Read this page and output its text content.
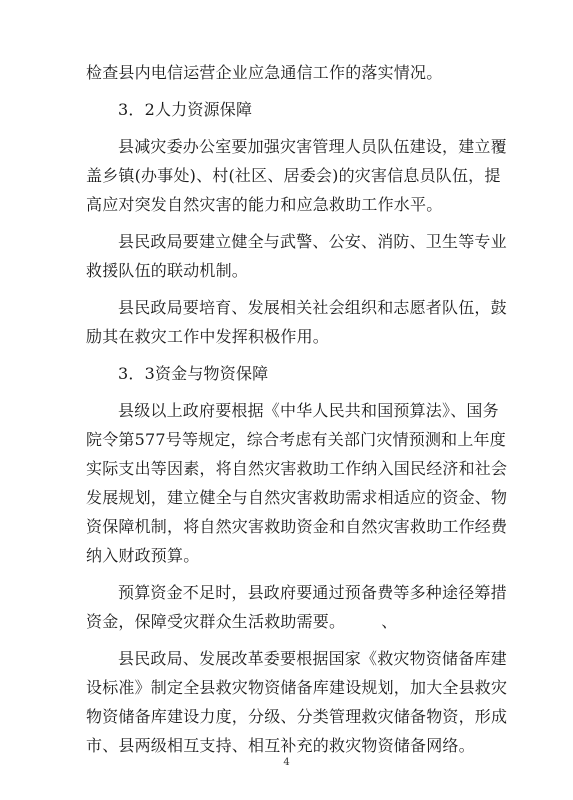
检查县内电信运营企业应急通信工作的落实情况。
3．2人力资源保障
县减灾委办公室要加强灾害管理人员队伍建设，建立覆
盖乡镇(办事处)、村(社区、居委会)的灾害信息员队伍，提
高应对突发自然灾害的能力和应急救助工作水平。
县民政局要建立健全与武警、公安、消防、卫生等专业
救援队伍的联动机制。
县民政局要培育、发展相关社会组织和志愿者队伍，鼓
励其在救灾工作中发挥积极作用。
3．3资金与物资保障
县级以上政府要根据《中华人民共和国预算法》、国务
院令第577号等规定，综合考虑有关部门灾情预测和上年度
实际支出等因素，将自然灾害救助工作纳入国民经济和社会
发展规划，建立健全与自然灾害救助需求相适应的资金、物
资保障机制，将自然灾害救助资金和自然灾害救助工作经费
纳入财政预算。
预算资金不足时，县政府要通过预备费等多种途径筹措
资金，保障受灾群众生活救助需要。 、
县民政局、发展改革委要根据国家《救灾物资储备库建
设标准》制定全县救灾物资储备库建设规划，加大全县救灾
物资储备库建设力度，分级、分类管理救灾储备物资，形成
市、县两级相互支持、相互补充的救灾物资储备网络。
4
